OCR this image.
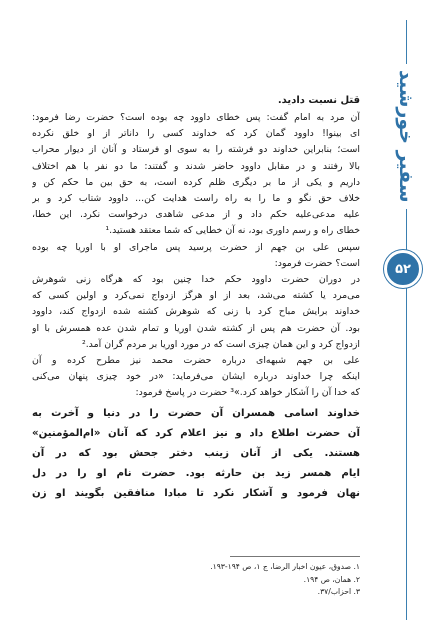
سفیر خورشید
۵۲

قتل نسبت دادید.

آن مرد به امام گفت: پس خطای داوود چه بوده است؟ حضرت رضا فرمود:

ای بینوا! داوود گمان کرد که خداوند کسی را داناتر از او خلق نکرده

است؛ بنابراین خداوند دو فرشته را به سوی او فرستاد و آنان از دیوار محراب

بالا رفتند و در مقابل داوود حاضر شدند و گفتند: ما دو نفر با هم اختلاف

داریم و یکی از ما بر دیگری ظلم کرده است، به حق بین ما حکم کن و

خلاف حق نگو و ما را به راه راست هدایت کن... داوود شتاب کرد و بر

علیه مدعی‌علیه حکم داد و از مدعی شاهدی درخواست نکرد. این خطا،

خطای راه و رسم داوری بود، نه آن خطایی که شما معتقد هستید.¹

سپس علی بن جهم از حضرت پرسید پس ماجرای او با اوریا چه بوده

است؟ حضرت فرمود:

در دوران حضرت داوود حکم خدا چنین بود که هرگاه زنی شوهرش

می‌مرد یا کشته می‌شد، بعد از او هرگز ازدواج نمی‌کرد و اولین کسی که

خداوند برایش مباح کرد با زنی که شوهرش کشته شده ازدواج کند، داوود

بود. آن حضرت هم پس از کشته شدن اوریا و تمام شدن عده همسرش با او

ازدواج کرد و این همان چیزی است که در مورد اوریا بر مردم گران آمد.²

علی بن جهم شبهه‌ای درباره حضرت محمد نیز مطرح کرده و آن

اینکه چرا خداوند درباره ایشان می‌فرماید: «در خود چیزی پنهان می‌کنی

که خدا آن را آشکار خواهد کرد.»³ حضرت در پاسخ فرمود:

خداوند اسامی همسران آن حضرت را در دنیا و آخرت به

آن حضرت اطلاع داد و نیز اعلام کرد که آنان «ام‌المؤمنین»

هستند. یکی از آنان زینب دختر جحش بود که در آن

ایام همسر زید بن حارثه بود. حضرت نام او را در دل

نهان فرمود و آشکار نکرد تا مبادا منافقین بگویند او زن

۱. صدوق، عیون اخبار الرضا، ج ۱، ص ۱۹۴-۱۹۳.
۲. همان، ص ۱۹۴.
۳. احزاب/۳۷.
